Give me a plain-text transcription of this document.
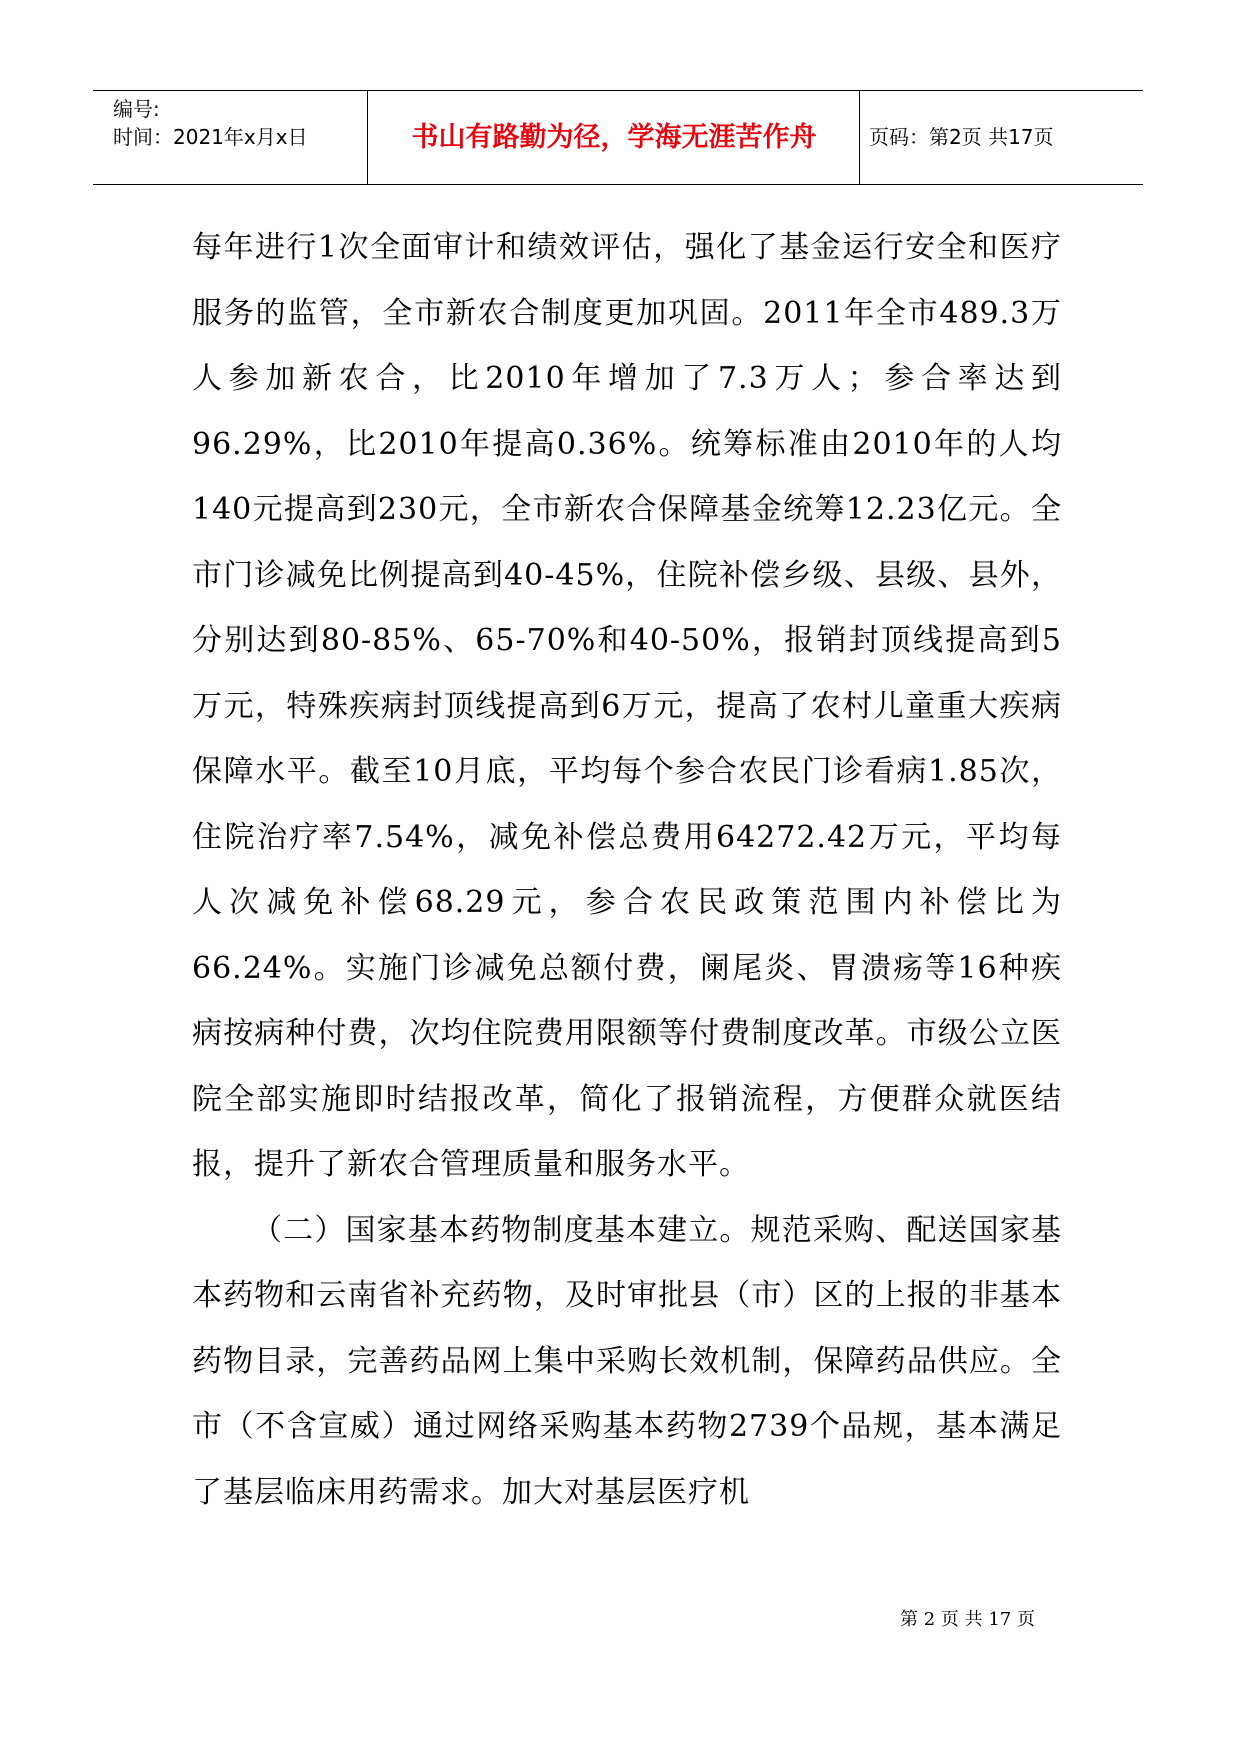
编号:
时间：2021年x月x日	书山有路勤为径，学海无涯苦作舟	页码：第2页 共17页

每年进行1次全面审计和绩效评估，强化了基金运行安全和医疗服务的监管，全市新农合制度更加巩固。2011年全市489.3万人参加新农合，比2010年增加了7.3万人；参合率达到96.29%，比2010年提高0.36%。统筹标准由2010年的人均140元提高到230元，全市新农合保障基金统筹12.23亿元。全市门诊减免比例提高到40-45%，住院补偿乡级、县级、县外，分别达到80-85%、65-70%和40-50%，报销封顶线提高到5万元，特殊疾病封顶线提高到6万元，提高了农村儿童重大疾病保障水平。截至10月底，平均每个参合农民门诊看病1.85次，住院治疗率7.54%，减免补偿总费用64272.42万元，平均每人次减免补偿68.29元，参合农民政策范围内补偿比为66.24%。实施门诊减免总额付费，阑尾炎、胃溃疡等16种疾病按病种付费，次均住院费用限额等付费制度改革。市级公立医院全部实施即时结报改革，简化了报销流程，方便群众就医结报，提升了新农合管理质量和服务水平。

（二）国家基本药物制度基本建立。规范采购、配送国家基本药物和云南省补充药物，及时审批县（市）区的上报的非基本药物目录，完善药品网上集中采购长效机制，保障药品供应。全市（不含宣威）通过网络采购基本药物2739个品规，基本满足了基层临床用药需求。加大对基层医疗机

第 2 页 共 17 页
